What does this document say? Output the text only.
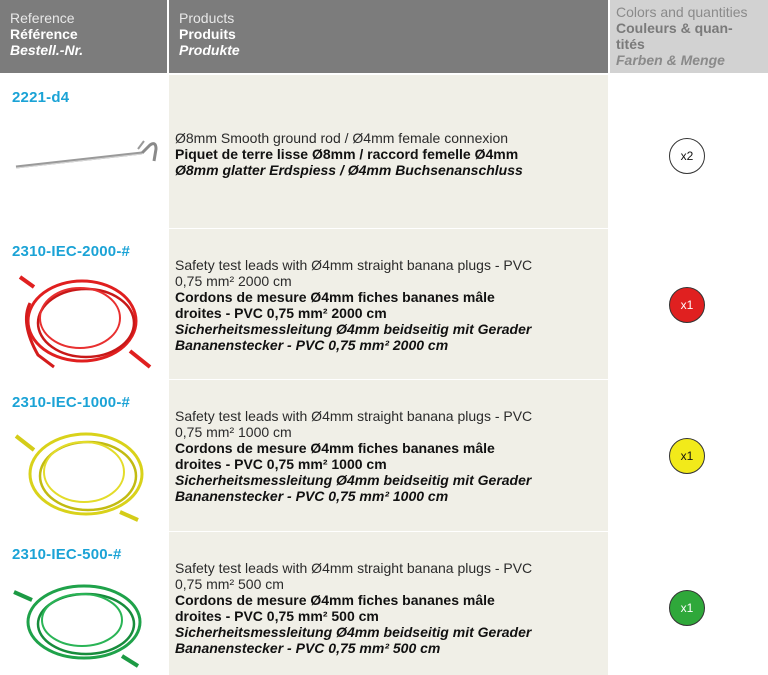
Reference
Référence
Bestell.-Nr.
Products
Produits
Produkte
Colors and quantities
Couleurs & quan-
tités
Farben & Menge
2221-d4
Ø8mm Smooth ground rod / Ø4mm female connexion
Piquet de terre lisse Ø8mm / raccord femelle Ø4mm
Ø8mm glatter Erdspiess / Ø4mm Buchsenanschluss
x2
2310-IEC-2000-#
Safety test leads with Ø4mm straight banana plugs - PVC
0,75 mm² 2000 cm
Cordons de mesure Ø4mm fiches bananes mâle
droites - PVC 0,75 mm² 2000 cm
Sicherheitsmessleitung Ø4mm beidseitig mit Gerader
Bananenstecker - PVC 0,75 mm² 2000 cm
x1
2310-IEC-1000-#
Safety test leads with Ø4mm straight banana plugs - PVC
0,75 mm² 1000 cm
Cordons de mesure Ø4mm fiches bananes mâle
droites - PVC 0,75 mm² 1000 cm
Sicherheitsmessleitung Ø4mm beidseitig mit Gerader
Bananenstecker - PVC 0,75 mm² 1000 cm
x1
2310-IEC-500-#
Safety test leads with Ø4mm straight banana plugs - PVC
0,75 mm² 500 cm
Cordons de mesure Ø4mm fiches bananes mâle
droites - PVC 0,75 mm² 500 cm
Sicherheitsmessleitung Ø4mm beidseitig mit Gerader
Bananenstecker - PVC 0,75 mm² 500 cm
x1
